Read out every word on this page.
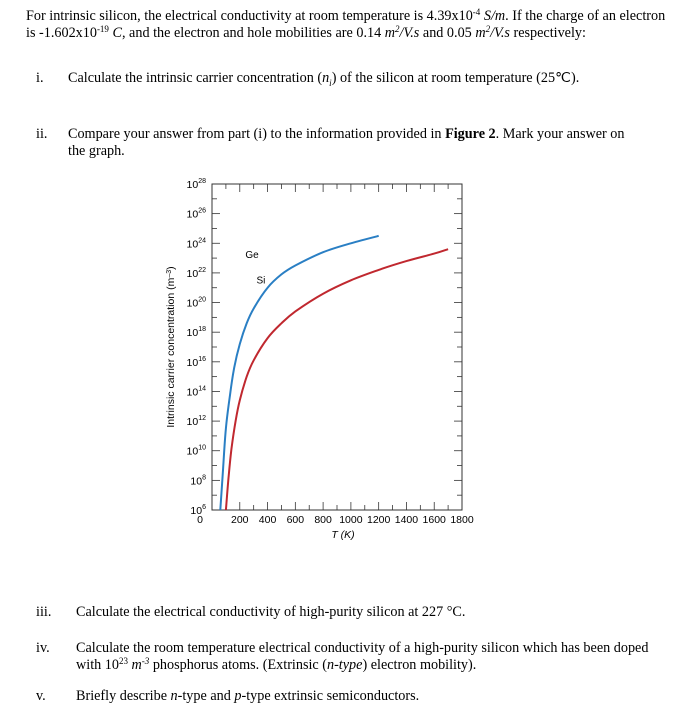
For intrinsic silicon, the electrical conductivity at room temperature is $4.39x10^{-4}$ S/m. If the charge of an electron is $-1.602x10^{-19}$ C, and the electron and hole mobilities are 0.14 $m^2/V.s$ and 0.05 $m^2/V.s$ respectively:

i. Calculate the intrinsic carrier concentration $(n_i)$ of the silicon at room temperature (25℃).
ii. Compare your answer from part (i) to the information provided in Figure 2. Mark your answer on the graph.
$10^{28}$
$10^{26}$
$10^{24}$
$10^{22}$
$10^{20}$
$10^{18}$
$10^{16}$
$10^{14}$
$10^{12}$
$10^{10}$
$10^8$
$10^6$
0	200 400 600 800 1000 1200 1400 1600 1800
Intrinsic carrier concentration $(m^{-3})$
T (K)
Ge
Si
iii. Calculate the electrical conductivity of high-purity silicon at 227 °C.
iv. Calculate the room temperature electrical conductivity of a high-purity silicon which has been doped with $10^{23}$ $m^{-3}$ phosphorus atoms. (Extrinsic (n-type) electron mobility).
v. Briefly describe n-type and p-type extrinsic semiconductors.
